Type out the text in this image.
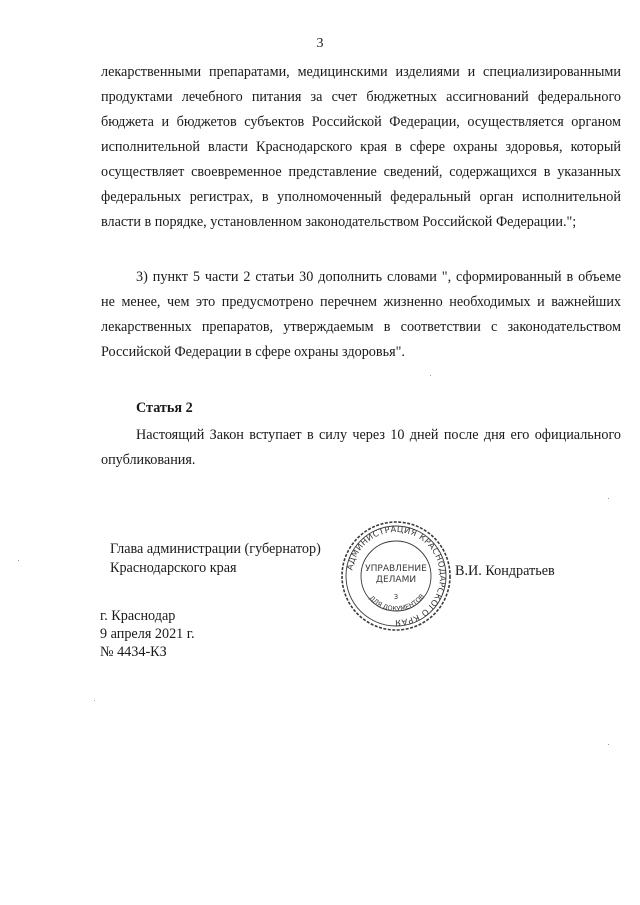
3

лекарственными препаратами, медицинскими изделиями и специализированными продуктами лечебного питания за счет бюджетных ассигнований федерального бюджета и бюджетов субъектов Российской Федерации, осуществляется органом исполнительной власти Краснодарского края в сфере охраны здоровья, который осуществляет своевременное представление сведений, содержащихся в указанных федеральных регистрах, в уполномоченный федеральный орган исполнительной власти в порядке, установленном законодательством Российской Федерации.";

3) пункт 5 части 2 статьи 30 дополнить словами ", сформированный в объеме не менее, чем это предусмотрено перечнем жизненно необходимых и важнейших лекарственных препаратов, утверждаемым в соответствии с законодательством Российской Федерации в сфере охраны здоровья".

Статья 2

Настоящий Закон вступает в силу через 10 дней после дня его официального опубликования.

Глава администрации (губернатор)
Краснодарского края	В.И. Кондратьев
г. Краснодар
9 апреля 2021 г.
№ 4434-КЗ
АДМИНИСТРАЦИЯ КРАСНОДАРСКОГО КРАЯ
ДЛЯ ДОКУМЕНТОВ
УПРАВЛЕНИЕ
ДЕЛАМИ
3
